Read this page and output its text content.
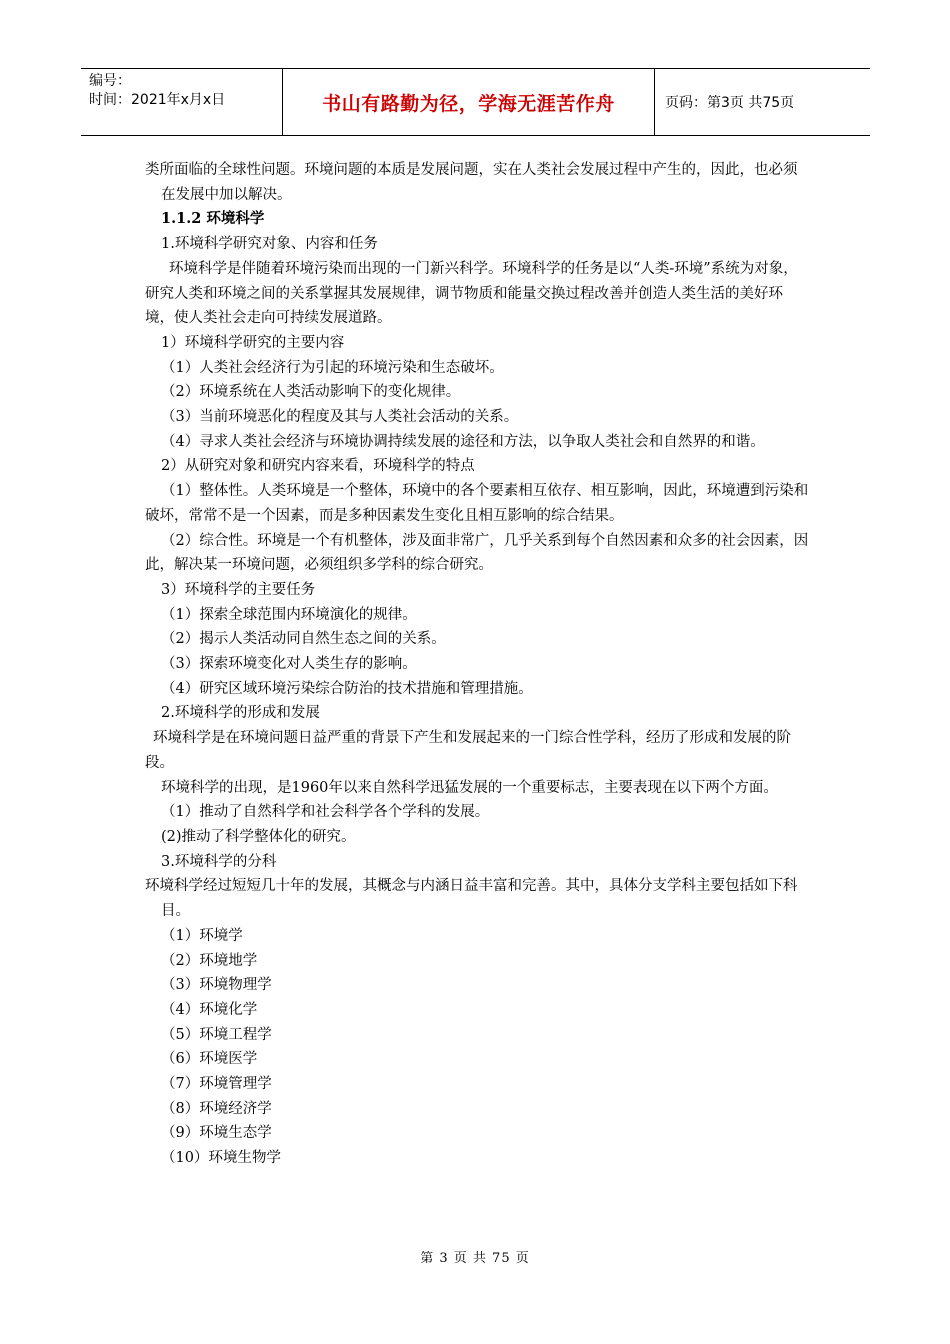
编号：
时间：2021年x月x日	书山有路勤为径，学海无涯苦作舟	页码：第3页 共75页

类所面临的全球性问题。环境问题的本质是发展问题，实在人类社会发展过程中产生的，因此，也必须在发展中加以解决。

1.1.2 环境科学

1.环境科学研究对象、内容和任务

环境科学是伴随着环境污染而出现的一门新兴科学。环境科学的任务是以“人类-环境”系统为对象，研究人类和环境之间的关系掌握其发展规律，调节物质和能量交换过程改善并创造人类生活的美好环境，使人类社会走向可持续发展道路。

1）环境科学研究的主要内容

（1）人类社会经济行为引起的环境污染和生态破坏。

（2）环境系统在人类活动影响下的变化规律。

（3）当前环境恶化的程度及其与人类社会活动的关系。

（4）寻求人类社会经济与环境协调持续发展的途径和方法，以争取人类社会和自然界的和谐。

2）从研究对象和研究内容来看，环境科学的特点

（1）整体性。人类环境是一个整体，环境中的各个要素相互依存、相互影响，因此，环境遭到污染和破坏，常常不是一个因素，而是多种因素发生变化且相互影响的综合结果。

（2）综合性。环境是一个有机整体，涉及面非常广，几乎关系到每个自然因素和众多的社会因素，因此，解决某一环境问题，必须组织多学科的综合研究。

3）环境科学的主要任务

（1）探索全球范围内环境演化的规律。

（2）揭示人类活动同自然生态之间的关系。

（3）探索环境变化对人类生存的影响。

（4）研究区域环境污染综合防治的技术措施和管理措施。

2.环境科学的形成和发展

环境科学是在环境问题日益严重的背景下产生和发展起来的一门综合性学科，经历了形成和发展的阶段。

环境科学的出现，是1960年以来自然科学迅猛发展的一个重要标志，主要表现在以下两个方面。

（1）推动了自然科学和社会科学各个学科的发展。

(2)推动了科学整体化的研究。

3.环境科学的分科

环境科学经过短短几十年的发展，其概念与内涵日益丰富和完善。其中，具体分支学科主要包括如下科目。

（1）环境学

（2）环境地学

（3）环境物理学

（4）环境化学

（5）环境工程学

（6）环境医学

（7）环境管理学

（8）环境经济学

（9）环境生态学

（10）环境生物学

第 3 页 共 75 页
